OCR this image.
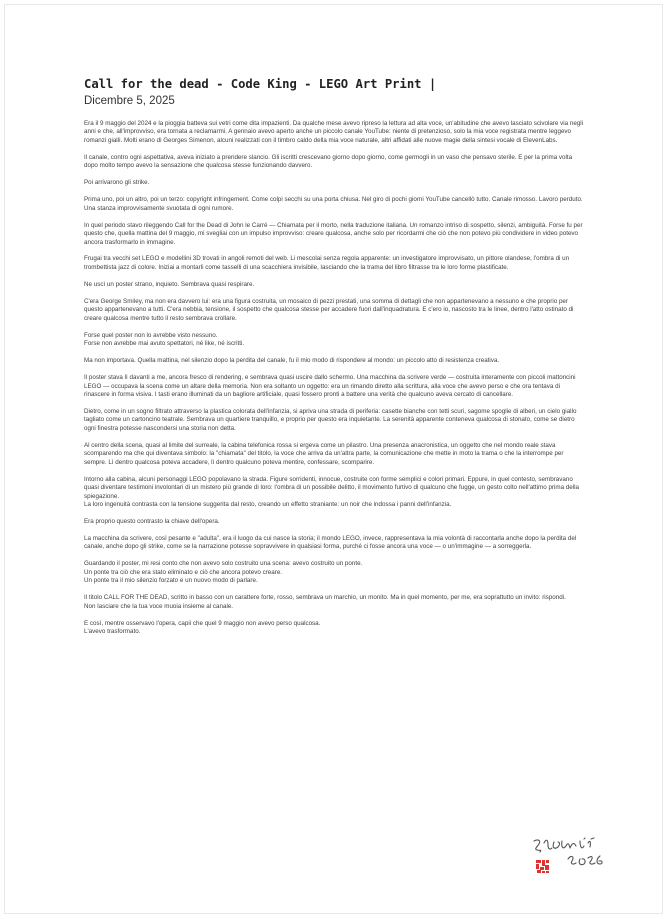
Call for the dead - Code King - LEGO Art Print |
Dicembre 5, 2025

Era il 9 maggio del 2024 e la pioggia batteva sui vetri come dita impazienti. Da qualche mese avevo ripreso la lettura ad alta voce, un'abitudine che avevo lasciato scivolare via negli anni e che, all'improvviso, era tornata a reclamarmi. A gennaio avevo aperto anche un piccolo canale YouTube: niente di pretenzioso, solo la mia voce registrata mentre leggevo romanzi gialli. Molti erano di Georges Simenon, alcuni realizzati con il timbro caldo della mia voce naturale, altri affidati alle nuove magie della sintesi vocale di ElevenLabs.

Il canale, contro ogni aspettativa, aveva iniziato a prendere slancio. Gli iscritti crescevano giorno dopo giorno, come germogli in un vaso che pensavo sterile. E per la prima volta dopo molto tempo avevo la sensazione che qualcosa stesse funzionando davvero.

Poi arrivarono gli strike.

Prima uno, poi un altro, poi un terzo: copyright infringement. Come colpi secchi su una porta chiusa. Nel giro di pochi giorni YouTube cancellò tutto. Canale rimosso. Lavoro perduto. Una stanza improvvisamente svuotata di ogni rumore.

In quel periodo stavo rileggendo Call for the Dead di John le Carré — Chiamata per il morto, nella traduzione italiana. Un romanzo intriso di sospetto, silenzi, ambiguità. Forse fu per questo che, quella mattina del 9 maggio, mi svegliai con un impulso improvviso: creare qualcosa, anche solo per ricordarmi che ciò che non potevo più condividere in video potevo ancora trasformarlo in immagine.

Frugai tra vecchi set LEGO e modellini 3D trovati in angoli remoti del web. Li mescolai senza regola apparente: un investigatore improvvisato, un pittore olandese, l'ombra di un trombettista jazz di colore. Iniziai a montarli come tasselli di una scacchiera invisibile, lasciando che la trama del libro filtrasse tra le loro forme plastificate.

Ne uscì un poster strano, inquieto. Sembrava quasi respirare.

C'era George Smiley, ma non era davvero lui: era una figura costruita, un mosaico di pezzi prestati, una somma di dettagli che non appartenevano a nessuno e che proprio per questo appartenevano a tutti. C'era nebbia, tensione, il sospetto che qualcosa stesse per accadere fuori dall'inquadratura. E c'ero io, nascosto tra le linee, dentro l'atto ostinato di creare qualcosa mentre tutto il resto sembrava crollare.

Forse quel poster non lo avrebbe visto nessuno.
Forse non avrebbe mai avuto spettatori, né like, né iscritti.

Ma non importava. Quella mattina, nel silenzio dopo la perdita del canale, fu il mio modo di rispondere al mondo: un piccolo atto di resistenza creativa.

Il poster stava lì davanti a me, ancora fresco di rendering, e sembrava quasi uscire dallo schermo. Una macchina da scrivere verde — costruita interamente con piccoli mattoncini LEGO — occupava la scena come un altare della memoria. Non era soltanto un oggetto: era un rimando diretto alla scrittura, alla voce che avevo perso e che ora tentava di rinascere in forma visiva. I tasti erano illuminati da un bagliore artificiale, quasi fossero pronti a battere una verità che qualcuno aveva cercato di cancellare.

Dietro, come in un sogno filtrato attraverso la plastica colorata dell'infanzia, si apriva una strada di periferia: casette bianche con tetti scuri, sagome spoglie di alberi, un cielo giallo tagliato come un cartoncino teatrale. Sembrava un quartiere tranquillo, e proprio per questo era inquietante. La serenità apparente conteneva qualcosa di stonato, come se dietro ogni finestra potesse nascondersi una storia non detta.

Al centro della scena, quasi al limite del surreale, la cabina telefonica rossa si ergeva come un pilastro. Una presenza anacronistica, un oggetto che nel mondo reale stava scomparendo ma che qui diventava simbolo: la "chiamata" del titolo, la voce che arriva da un'altra parte, la comunicazione che mette in moto la trama o che la interrompe per sempre. Lì dentro qualcosa poteva accadere, lì dentro qualcuno poteva mentire, confessare, scomparire.

Intorno alla cabina, alcuni personaggi LEGO popolavano la strada. Figure sorridenti, innocue, costruite con forme semplici e colori primari. Eppure, in quel contesto, sembravano quasi diventare testimoni involontari di un mistero più grande di loro: l'ombra di un possibile delitto, il movimento furtivo di qualcuno che fugge, un gesto colto nell'attimo prima della spiegazione.
La loro ingenuità contrasta con la tensione suggerita dal resto, creando un effetto straniante: un noir che indossa i panni dell'infanzia.

Era proprio questo contrasto la chiave dell'opera.

La macchina da scrivere, così pesante e "adulta", era il luogo da cui nasce la storia; il mondo LEGO, invece, rappresentava la mia volontà di raccontarla anche dopo la perdita del canale, anche dopo gli strike, come se la narrazione potesse sopravvivere in qualsiasi forma, purché ci fosse ancora una voce — o un'immagine — a sorreggerla.

Guardando il poster, mi resi conto che non avevo solo costruito una scena: avevo costruito un ponte.
Un ponte tra ciò che era stato eliminato e ciò che ancora potevo creare.
Un ponte tra il mio silenzio forzato e un nuovo modo di parlare.

Il titolo CALL FOR THE DEAD, scritto in basso con un carattere forte, rosso, sembrava un marchio, un monito. Ma in quel momento, per me, era soprattutto un invito: rispondi.
Non lasciare che la tua voce muoia insieme al canale.

E così, mentre osservavo l'opera, capii che quel 9 maggio non avevo perso qualcosa.
L'avevo trasformato.
